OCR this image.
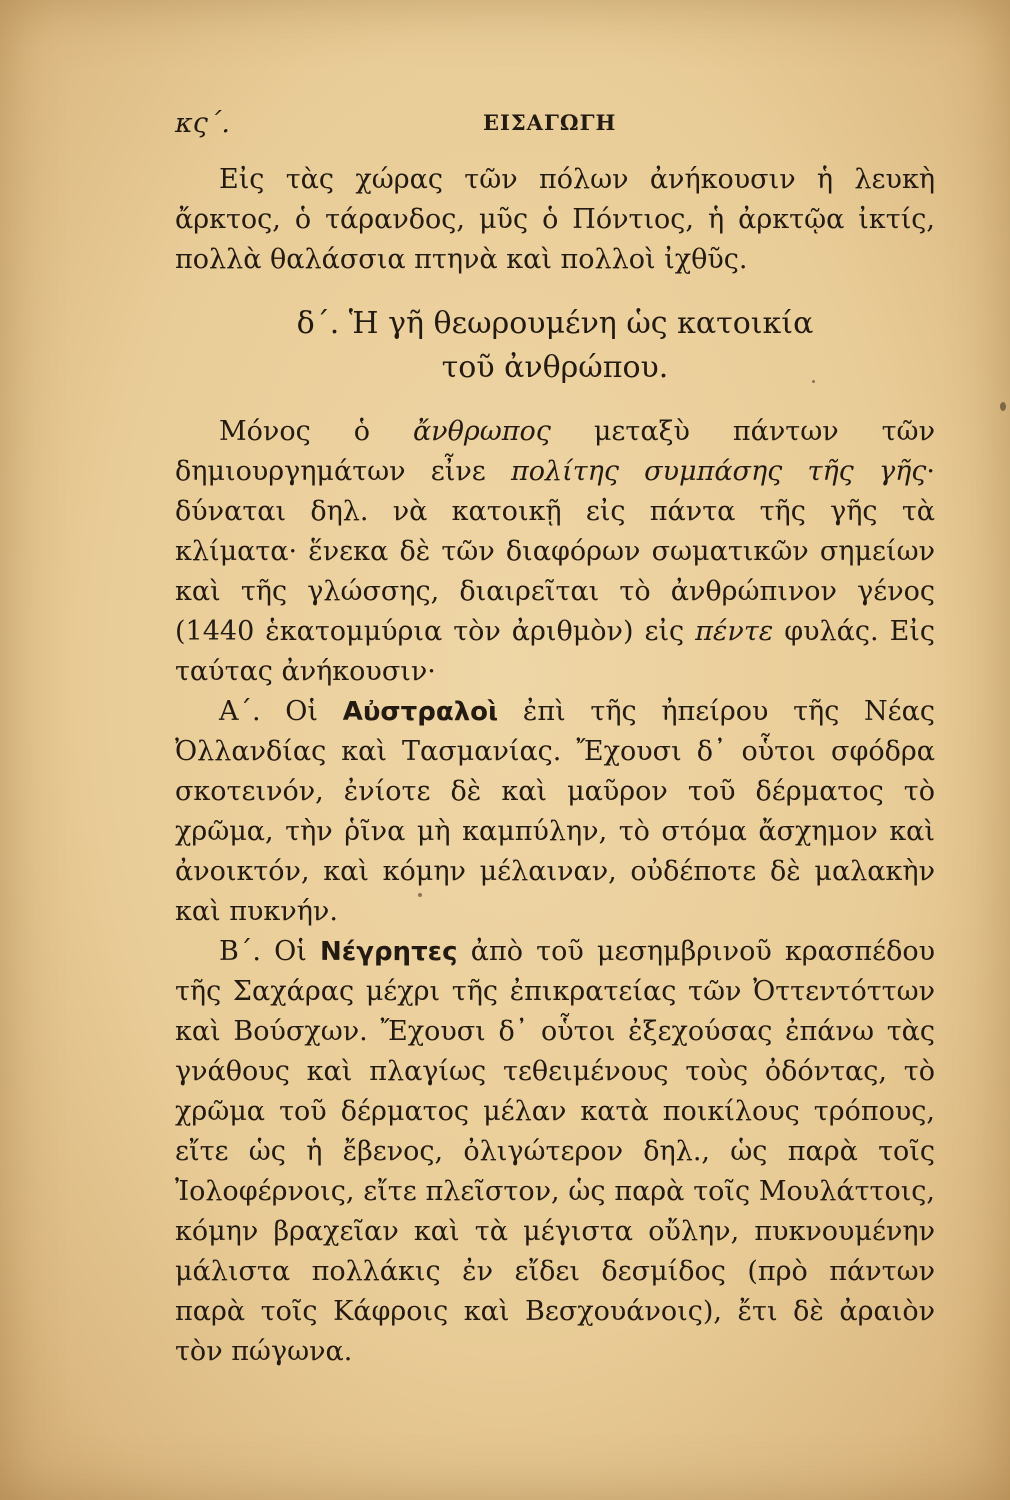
κς΄.	ΕΙΣΑΓΩΓΗ

Εἰς τὰς χώρας τῶν πόλων ἀνήκουσιν ἡ λευκὴ ἄρκτος, ὁ τάρανδος, μῦς ὁ Πόντιος, ἡ ἀρκτῷα ἰκτίς, πολλὰ θαλάσσια πτηνὰ καὶ πολλοὶ ἰχθῦς.

δ΄. Ἡ γῆ θεωρουμένη ὡς κατοικία
τοῦ ἀνθρώπου.

Μόνος ὁ ἄνθρωπος μεταξὺ πάντων τῶν δημιουργημάτων εἶνε πολίτης συμπάσης τῆς γῆς· δύναται δηλ. νὰ κατοικῇ εἰς πάντα τῆς γῆς τὰ κλίματα· ἕνεκα δὲ τῶν διαφόρων σωματικῶν σημείων καὶ τῆς γλώσσης, διαιρεῖται τὸ ἀνθρώπινον γένος (1440 ἑκατομμύρια τὸν ἀριθμὸν) εἰς πέντε φυλάς. Εἰς ταύτας ἀνήκουσιν·

Α΄. Οἱ Αὐστραλοὶ ἐπὶ τῆς ἠπείρου τῆς Νέας Ὀλλανδίας καὶ Τασμανίας. Ἔχουσι δ᾽ οὗτοι σφόδρα σκοτεινόν, ἐνίοτε δὲ καὶ μαῦρον τοῦ δέρματος τὸ χρῶμα, τὴν ῥῖνα μὴ καμπύλην, τὸ στόμα ἄσχημον καὶ ἀνοικτόν, καὶ κόμην μέλαιναν, οὐδέποτε δὲ μαλακὴν καὶ πυκνήν.

Β΄. Οἱ Νέγρητες ἀπὸ τοῦ μεσημβρινοῦ κρασπέδου τῆς Σαχάρας μέχρι τῆς ἐπικρατείας τῶν Ὀττεντόττων καὶ Βούσχων. Ἔχουσι δ᾽ οὗτοι ἐξεχούσας ἐπάνω τὰς γνάθους καὶ πλαγίως τεθειμένους τοὺς ὀδόντας, τὸ χρῶμα τοῦ δέρματος μέλαν κατὰ ποικίλους τρόπους, εἴτε ὡς ἡ ἔβενος, ὀλιγώτερον δηλ., ὡς παρὰ τοῖς Ἰολοφέρνοις, εἴτε πλεῖστον, ὡς παρὰ τοῖς Μουλάττοις, κόμην βραχεῖαν καὶ τὰ μέγιστα οὔλην, πυκνουμένην μάλιστα πολλάκις ἐν εἴδει δεσμίδος (πρὸ πάντων παρὰ τοῖς Κάφροις καὶ Βεσχουάνοις), ἔτι δὲ ἀραιὸν τὸν πώγωνα.
